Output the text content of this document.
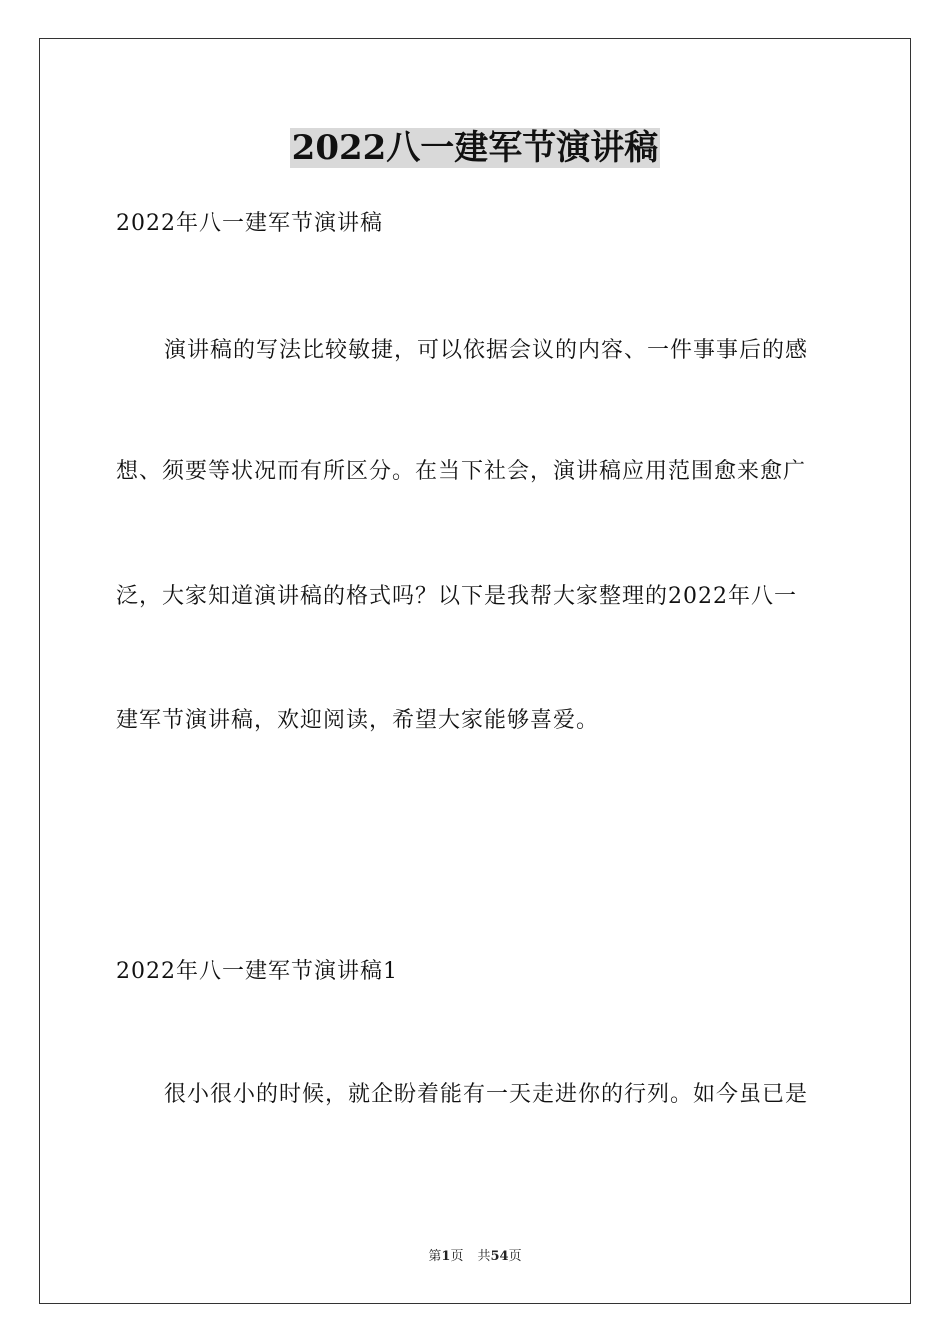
2022八一建军节演讲稿
2022年八一建军节演讲稿
演讲稿的写法比较敏捷，可以依据会议的内容、一件事事后的感
想、须要等状况而有所区分。在当下社会，演讲稿应用范围愈来愈广
泛，大家知道演讲稿的格式吗？以下是我帮大家整理的2022年八一
建军节演讲稿，欢迎阅读，希望大家能够喜爱。
2022年八一建军节演讲稿1
很小很小的时候，就企盼着能有一天走进你的行列。如今虽已是
第1页 共54页
